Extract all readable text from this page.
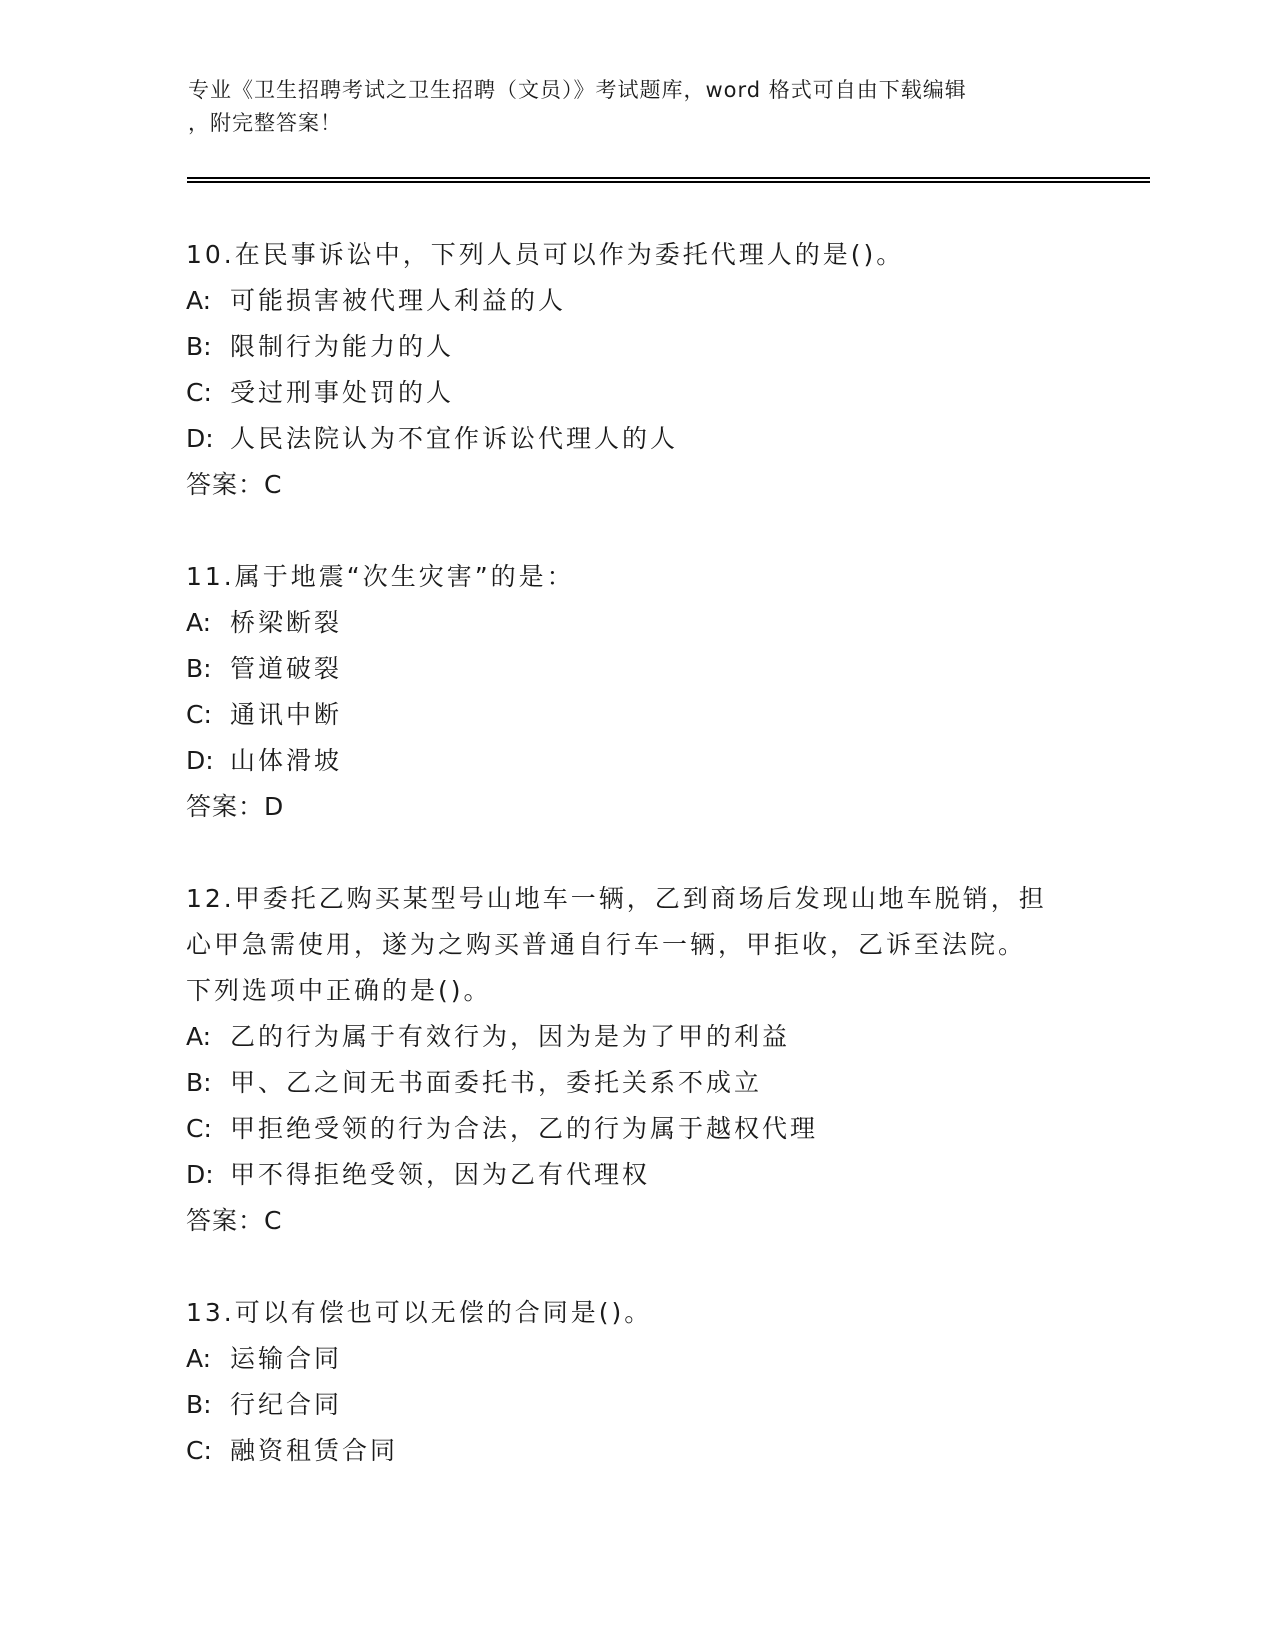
专业《卫生招聘考试之卫生招聘（文员）》考试题库，word 格式可自由下载编辑
，附完整答案！
10.在民事诉讼中，下列人员可以作为委托代理人的是()。
A: 可能损害被代理人利益的人
B: 限制行为能力的人
C: 受过刑事处罚的人
D: 人民法院认为不宜作诉讼代理人的人
答案：C
11.属于地震“次生灾害”的是：
A: 桥梁断裂
B: 管道破裂
C: 通讯中断
D: 山体滑坡
答案：D
12.甲委托乙购买某型号山地车一辆，乙到商场后发现山地车脱销，担
心甲急需使用，遂为之购买普通自行车一辆，甲拒收，乙诉至法院。
下列选项中正确的是()。
A: 乙的行为属于有效行为，因为是为了甲的利益
B: 甲、乙之间无书面委托书，委托关系不成立
C: 甲拒绝受领的行为合法，乙的行为属于越权代理
D: 甲不得拒绝受领，因为乙有代理权
答案：C
13.可以有偿也可以无偿的合同是()。
A: 运输合同
B: 行纪合同
C: 融资租赁合同
